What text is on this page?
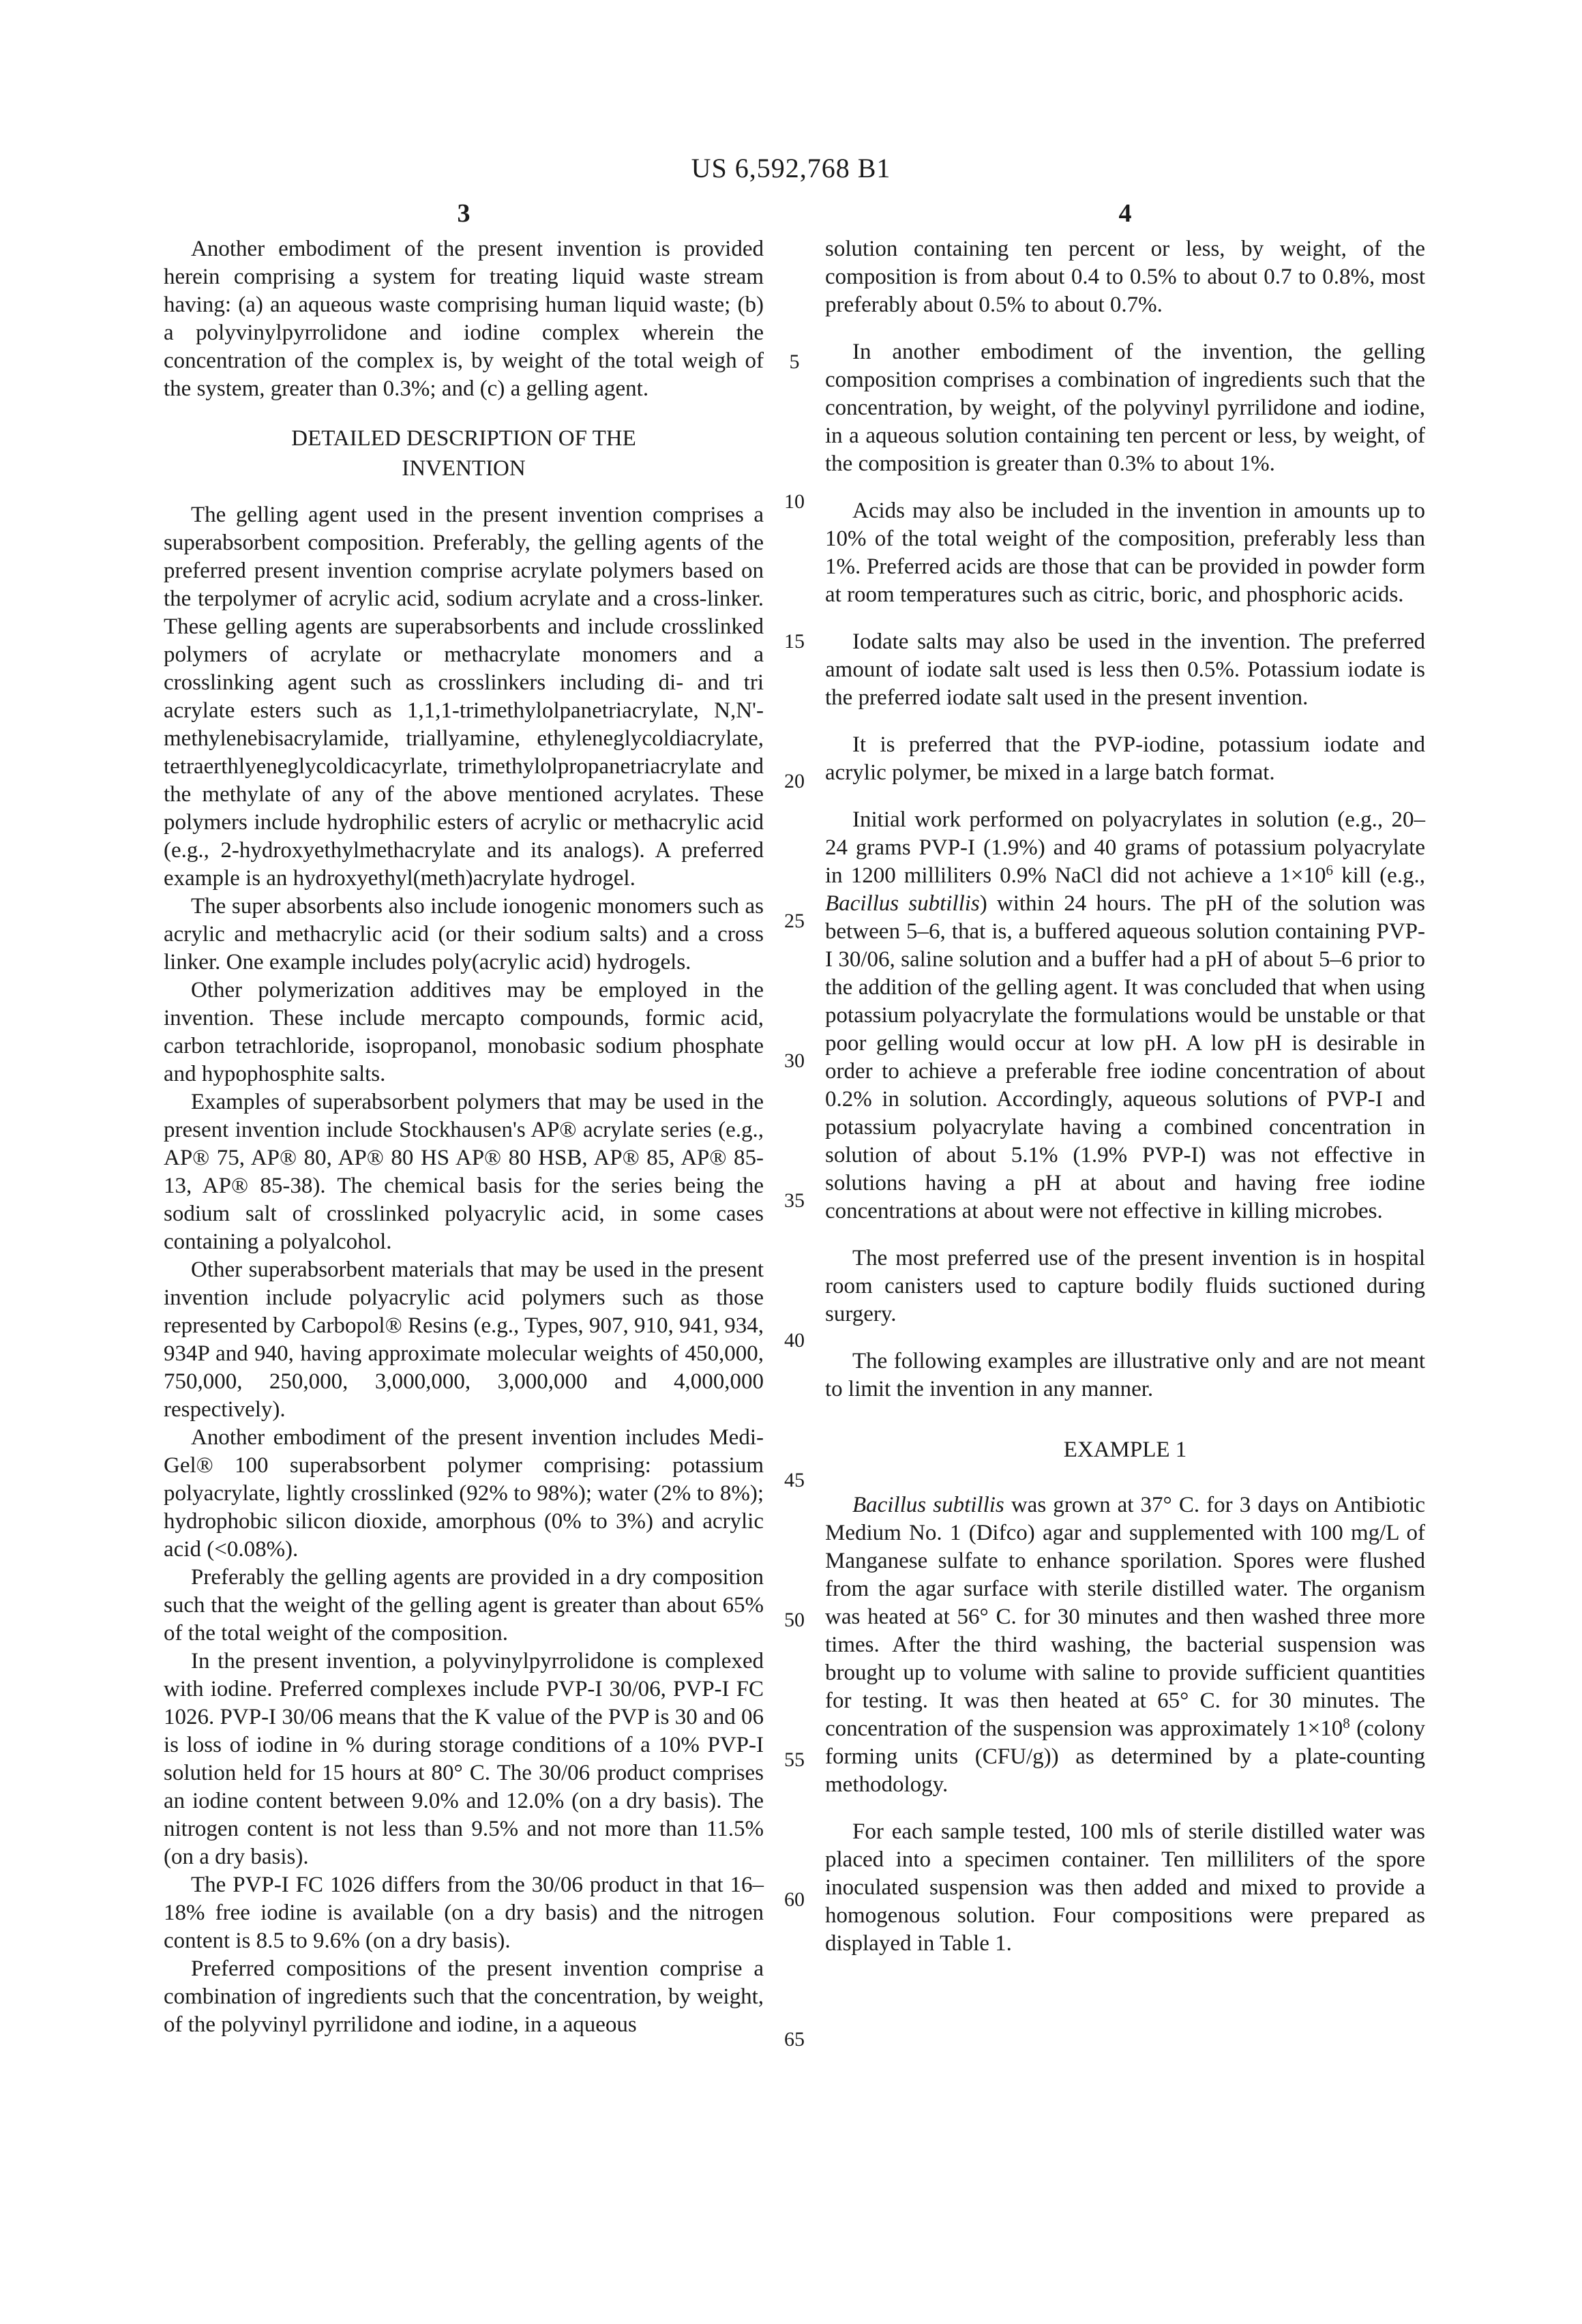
US 6,592,768 B1
3	4

Another embodiment of the present invention is provided herein comprising a system for treating liquid waste stream having: (a) an aqueous waste comprising human liquid waste; (b) a polyvinylpyrrolidone and iodine complex wherein the concentration of the complex is, by weight of the total weigh of the system, greater than 0.3%; and (c) a gelling agent.

DETAILED DESCRIPTION OF THE
INVENTION

The gelling agent used in the present invention comprises a superabsorbent composition. Preferably, the gelling agents of the preferred present invention comprise acrylate polymers based on the terpolymer of acrylic acid, sodium acrylate and a cross-linker. These gelling agents are superabsorbents and include crosslinked polymers of acrylate or methacrylate monomers and a crosslinking agent such as crosslinkers including di- and tri acrylate esters such as 1,1,1-trimethylolpanetriacrylate, N,N'-methylenebisacrylamide, triallyamine, ethyleneglycoldiacrylate, tetraerthlyeneglycoldicacyrlate, trimethylolpropanetriacrylate and the methylate of any of the above mentioned acrylates. These polymers include hydrophilic esters of acrylic or methacrylic acid (e.g., 2-hydroxyethylmethacrylate and its analogs). A preferred example is an hydroxyethyl(meth)acrylate hydrogel.

The super absorbents also include ionogenic monomers such as acrylic and methacrylic acid (or their sodium salts) and a cross linker. One example includes poly(acrylic acid) hydrogels.

Other polymerization additives may be employed in the invention. These include mercapto compounds, formic acid, carbon tetrachloride, isopropanol, monobasic sodium phosphate and hypophosphite salts.

Examples of superabsorbent polymers that may be used in the present invention include Stockhausen's AP® acrylate series (e.g., AP® 75, AP® 80, AP® 80 HS AP® 80 HSB, AP® 85, AP® 85-13, AP® 85-38). The chemical basis for the series being the sodium salt of crosslinked polyacrylic acid, in some cases containing a polyalcohol.

Other superabsorbent materials that may be used in the present invention include polyacrylic acid polymers such as those represented by Carbopol® Resins (e.g., Types, 907, 910, 941, 934, 934P and 940, having approximate molecular weights of 450,000, 750,000, 250,000, 3,000,000, 3,000,000 and 4,000,000 respectively).

Another embodiment of the present invention includes Medi-Gel® 100 superabsorbent polymer comprising: potassium polyacrylate, lightly crosslinked (92% to 98%); water (2% to 8%); hydrophobic silicon dioxide, amorphous (0% to 3%) and acrylic acid (<0.08%).

Preferably the gelling agents are provided in a dry composition such that the weight of the gelling agent is greater than about 65% of the total weight of the composition.

In the present invention, a polyvinylpyrrolidone is complexed with iodine. Preferred complexes include PVP-I 30/06, PVP-I FC 1026. PVP-I 30/06 means that the K value of the PVP is 30 and 06 is loss of iodine in % during storage conditions of a 10% PVP-I solution held for 15 hours at 80° C. The 30/06 product comprises an iodine content between 9.0% and 12.0% (on a dry basis). The nitrogen content is not less than 9.5% and not more than 11.5% (on a dry basis).

The PVP-I FC 1026 differs from the 30/06 product in that 16–18% free iodine is available (on a dry basis) and the nitrogen content is 8.5 to 9.6% (on a dry basis).

Preferred compositions of the present invention comprise a combination of ingredients such that the concentration, by weight, of the polyvinyl pyrrilidone and iodine, in a aqueous

5
10
15
20
25
30
35
40
45
50
55
60
65

solution containing ten percent or less, by weight, of the composition is from about 0.4 to 0.5% to about 0.7 to 0.8%, most preferably about 0.5% to about 0.7%.

In another embodiment of the invention, the gelling composition comprises a combination of ingredients such that the concentration, by weight, of the polyvinyl pyrrilidone and iodine, in a aqueous solution containing ten percent or less, by weight, of the composition is greater than 0.3% to about 1%.

Acids may also be included in the invention in amounts up to 10% of the total weight of the composition, preferably less than 1%. Preferred acids are those that can be provided in powder form at room temperatures such as citric, boric, and phosphoric acids.

Iodate salts may also be used in the invention. The preferred amount of iodate salt used is less then 0.5%. Potassium iodate is the preferred iodate salt used in the present invention.

It is preferred that the PVP-iodine, potassium iodate and acrylic polymer, be mixed in a large batch format.

Initial work performed on polyacrylates in solution (e.g., 20–24 grams PVP-I (1.9%) and 40 grams of potassium polyacrylate in 1200 milliliters 0.9% NaCl did not achieve a $1\times 10^6$ kill (e.g., Bacillus subtillis) within 24 hours. The pH of the solution was between 5–6, that is, a buffered aqueous solution containing PVP-I 30/06, saline solution and a buffer had a pH of about 5–6 prior to the addition of the gelling agent. It was concluded that when using potassium polyacrylate the formulations would be unstable or that poor gelling would occur at low pH. A low pH is desirable in order to achieve a preferable free iodine concentration of about 0.2% in solution. Accordingly, aqueous solutions of PVP-I and potassium polyacrylate having a combined concentration in solution of about 5.1% (1.9% PVP-I) was not effective in solutions having a pH at about and having free iodine concentrations at about were not effective in killing microbes.

The most preferred use of the present invention is in hospital room canisters used to capture bodily fluids suctioned during surgery.

The following examples are illustrative only and are not meant to limit the invention in any manner.

EXAMPLE 1

Bacillus subtillis was grown at 37° C. for 3 days on Antibiotic Medium No. 1 (Difco) agar and supplemented with 100 mg/L of Manganese sulfate to enhance sporilation. Spores were flushed from the agar surface with sterile distilled water. The organism was heated at 56° C. for 30 minutes and then washed three more times. After the third washing, the bacterial suspension was brought up to volume with saline to provide sufficient quantities for testing. It was then heated at 65° C. for 30 minutes. The concentration of the suspension was approximately $1\times 10^8$ (colony forming units (CFU/g)) as determined by a plate-counting methodology.

For each sample tested, 100 mls of sterile distilled water was placed into a specimen container. Ten milliliters of the spore inoculated suspension was then added and mixed to provide a homogenous solution. Four compositions were prepared as displayed in Table 1.
